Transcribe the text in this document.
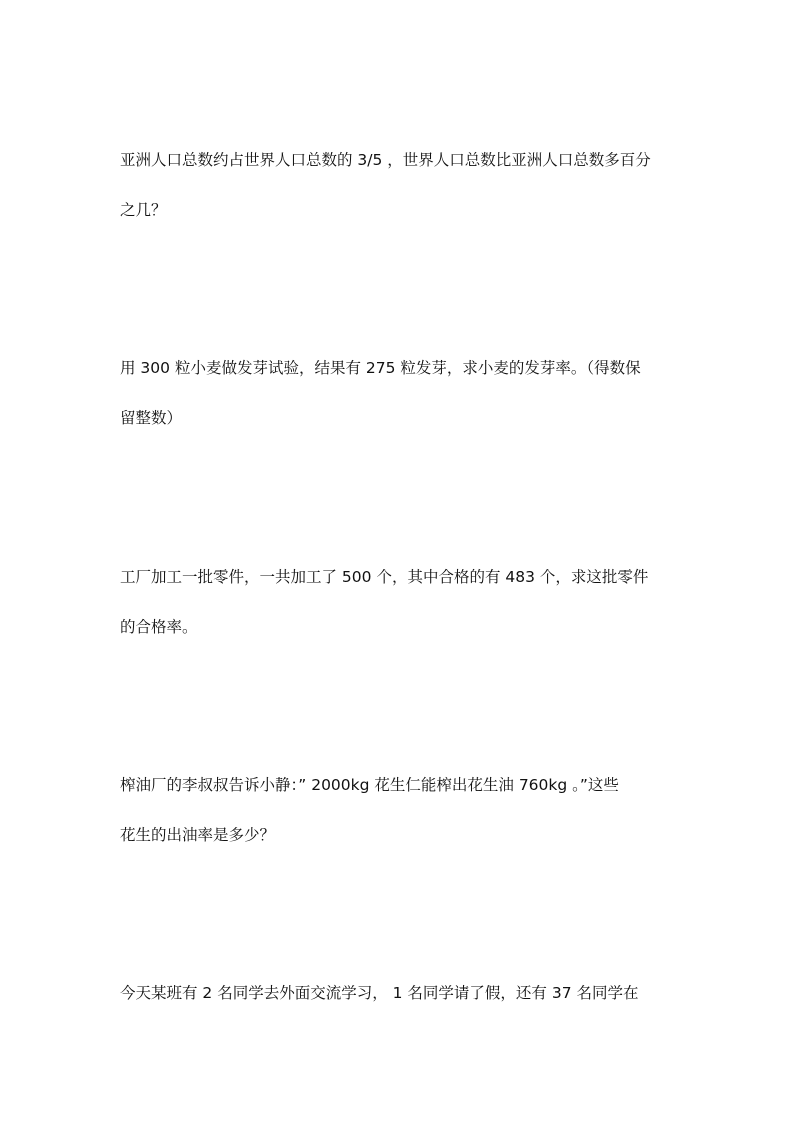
亚洲人口总数约占世界人口总数的 3/5 ，世界人口总数比亚洲人口总数多百分
之几？
用 300 粒小麦做发芽试验，结果有 275 粒发芽，求小麦的发芽率。（得数保
留整数）
工厂加工一批零件，一共加工了 500 个，其中合格的有 483 个，求这批零件
的合格率。
榨油厂的李叔叔告诉小静：” 2000kg 花生仁能榨出花生油 760kg 。”这些
花生的出油率是多少？
今天某班有 2 名同学去外面交流学习， 1 名同学请了假，还有 37 名同学在
